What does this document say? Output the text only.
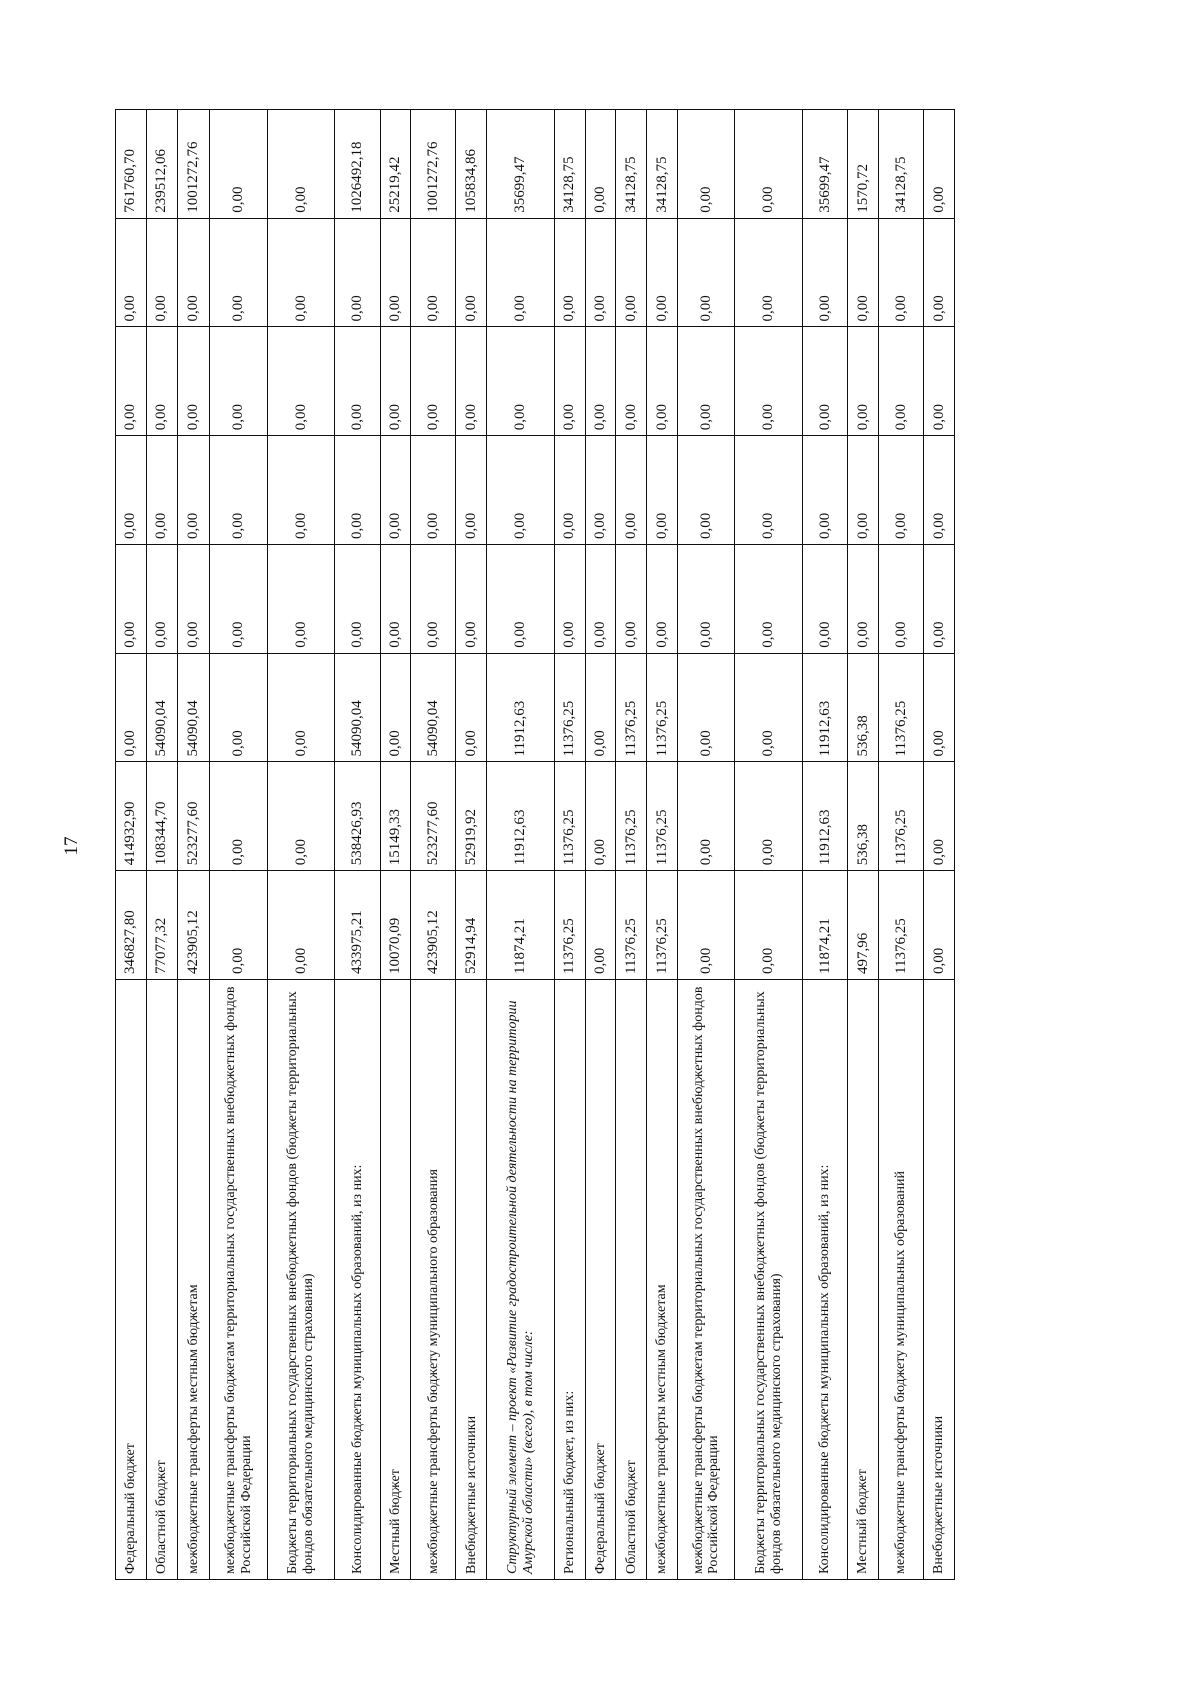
17
Федеральный бюджет	346827,80	414932,90	0,00	0,00	0,00	0,00	0,00	761760,70
Областной бюджет	77077,32	108344,70	54090,04	0,00	0,00	0,00	0,00	239512,06
межбюджетные трансферты местным бюджетам	423905,12	523277,60	54090,04	0,00	0,00	0,00	0,00	1001272,76
межбюджетные трансферты бюджетам территориальных государственных внебюджетных фондов Российской Федерации	0,00	0,00	0,00	0,00	0,00	0,00	0,00	0,00
Бюджеты территориальных государственных внебюджетных фондов (бюджеты территориальных фондов обязательного медицинского страхования)	0,00	0,00	0,00	0,00	0,00	0,00	0,00	0,00
Консолидированные бюджеты муниципальных образований, из них:	433975,21	538426,93	54090,04	0,00	0,00	0,00	0,00	1026492,18
Местный бюджет	10070,09	15149,33	0,00	0,00	0,00	0,00	0,00	25219,42
межбюджетные трансферты бюджету муниципального образования	423905,12	523277,60	54090,04	0,00	0,00	0,00	0,00	1001272,76
Внебюджетные источники	52914,94	52919,92	0,00	0,00	0,00	0,00	0,00	105834,86
Структурный элемент – проект «Развитие градостроительной деятельности на территории Амурской области» (всего), в том числе:	11874,21	11912,63	11912,63	0,00	0,00	0,00	0,00	35699,47
Региональный бюджет, из них:	11376,25	11376,25	11376,25	0,00	0,00	0,00	0,00	34128,75
Федеральный бюджет	0,00	0,00	0,00	0,00	0,00	0,00	0,00	0,00
Областной бюджет	11376,25	11376,25	11376,25	0,00	0,00	0,00	0,00	34128,75
межбюджетные трансферты местным бюджетам	11376,25	11376,25	11376,25	0,00	0,00	0,00	0,00	34128,75
межбюджетные трансферты бюджетам территориальных государственных внебюджетных фондов Российской Федерации	0,00	0,00	0,00	0,00	0,00	0,00	0,00	0,00
Бюджеты территориальных государственных внебюджетных фондов (бюджеты территориальных фондов обязательного медицинского страхования)	0,00	0,00	0,00	0,00	0,00	0,00	0,00	0,00
Консолидированные бюджеты муниципальных образований, из них:	11874,21	11912,63	11912,63	0,00	0,00	0,00	0,00	35699,47
Местный бюджет	497,96	536,38	536,38	0,00	0,00	0,00	0,00	1570,72
межбюджетные трансферты бюджету муниципальных образований	11376,25	11376,25	11376,25	0,00	0,00	0,00	0,00	34128,75
Внебюджетные источники	0,00	0,00	0,00	0,00	0,00	0,00	0,00	0,00
